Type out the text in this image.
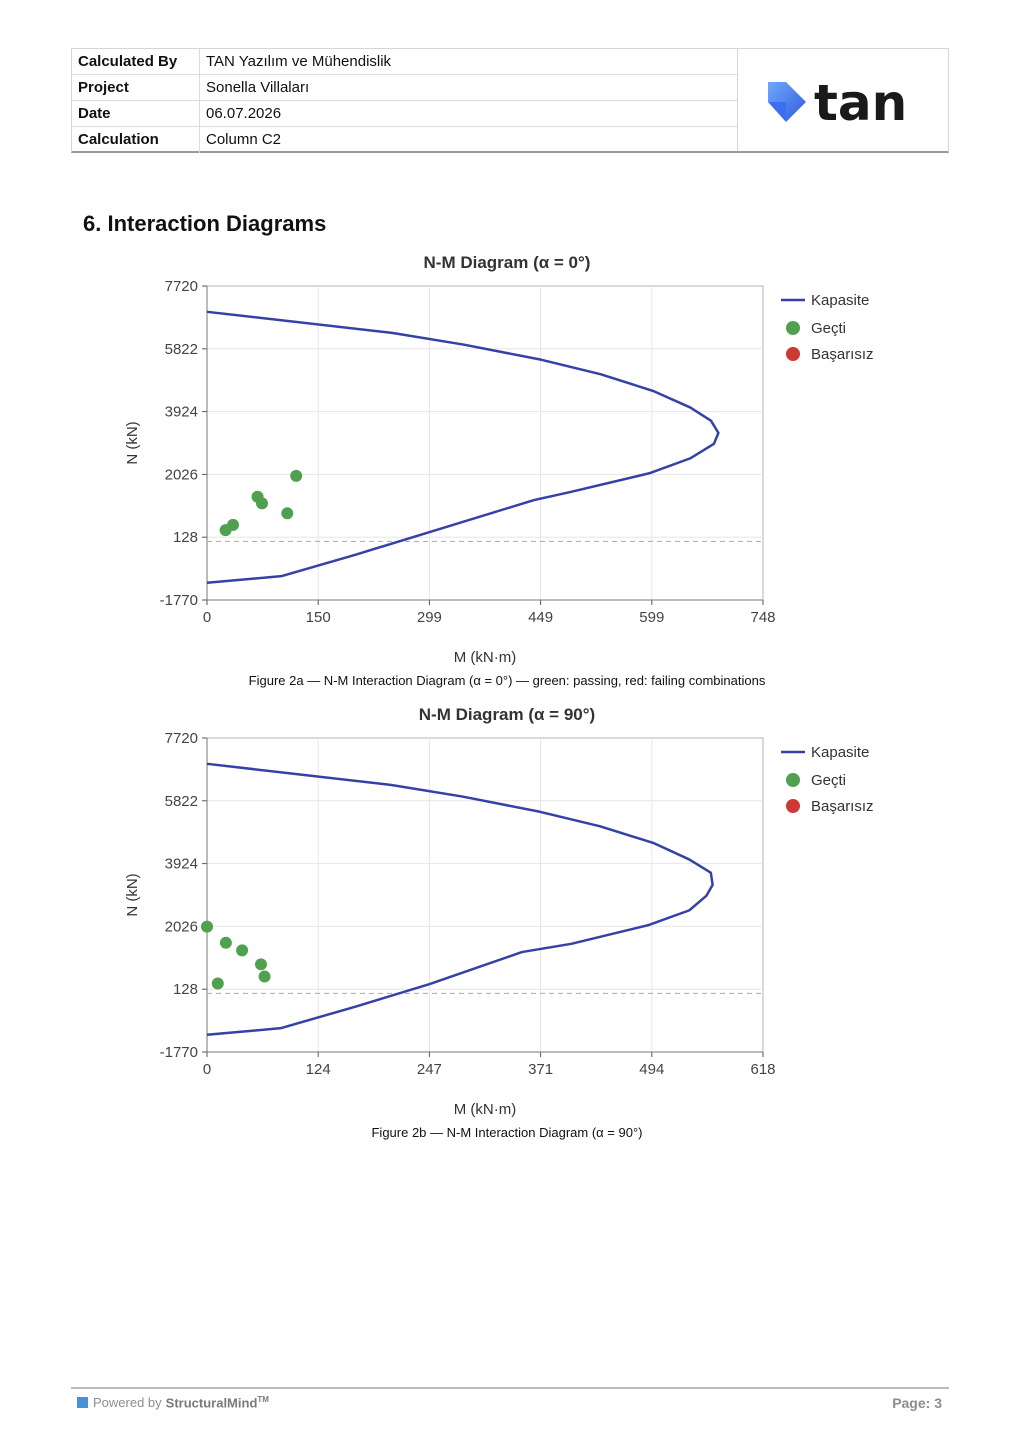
Calculated By	TAN Yazılım ve Mühendislik
Project	Sonella Villaları
Date	06.07.2026
Calculation	Column C2
tan
6. Interaction Diagrams
N-M Diagram (α = 0°)
0	150	299	449	599	748
-1770
128
2026
3924
5822
7720
M (kN·m)
N (kN)
Kapasite
Geçti
Başarısız
Figure 2a — N-M Interaction Diagram (α = 0°) — green: passing, red: failing combinations
N-M Diagram (α = 90°)
0	124	247	371	494	618
-1770
128
2026
3924
5822
7720
M (kN·m)
N (kN)
Kapasite
Geçti
Başarısız
Figure 2b — N-M Interaction Diagram (α = 90°)
Powered by StructuralMind™	Page: 3
